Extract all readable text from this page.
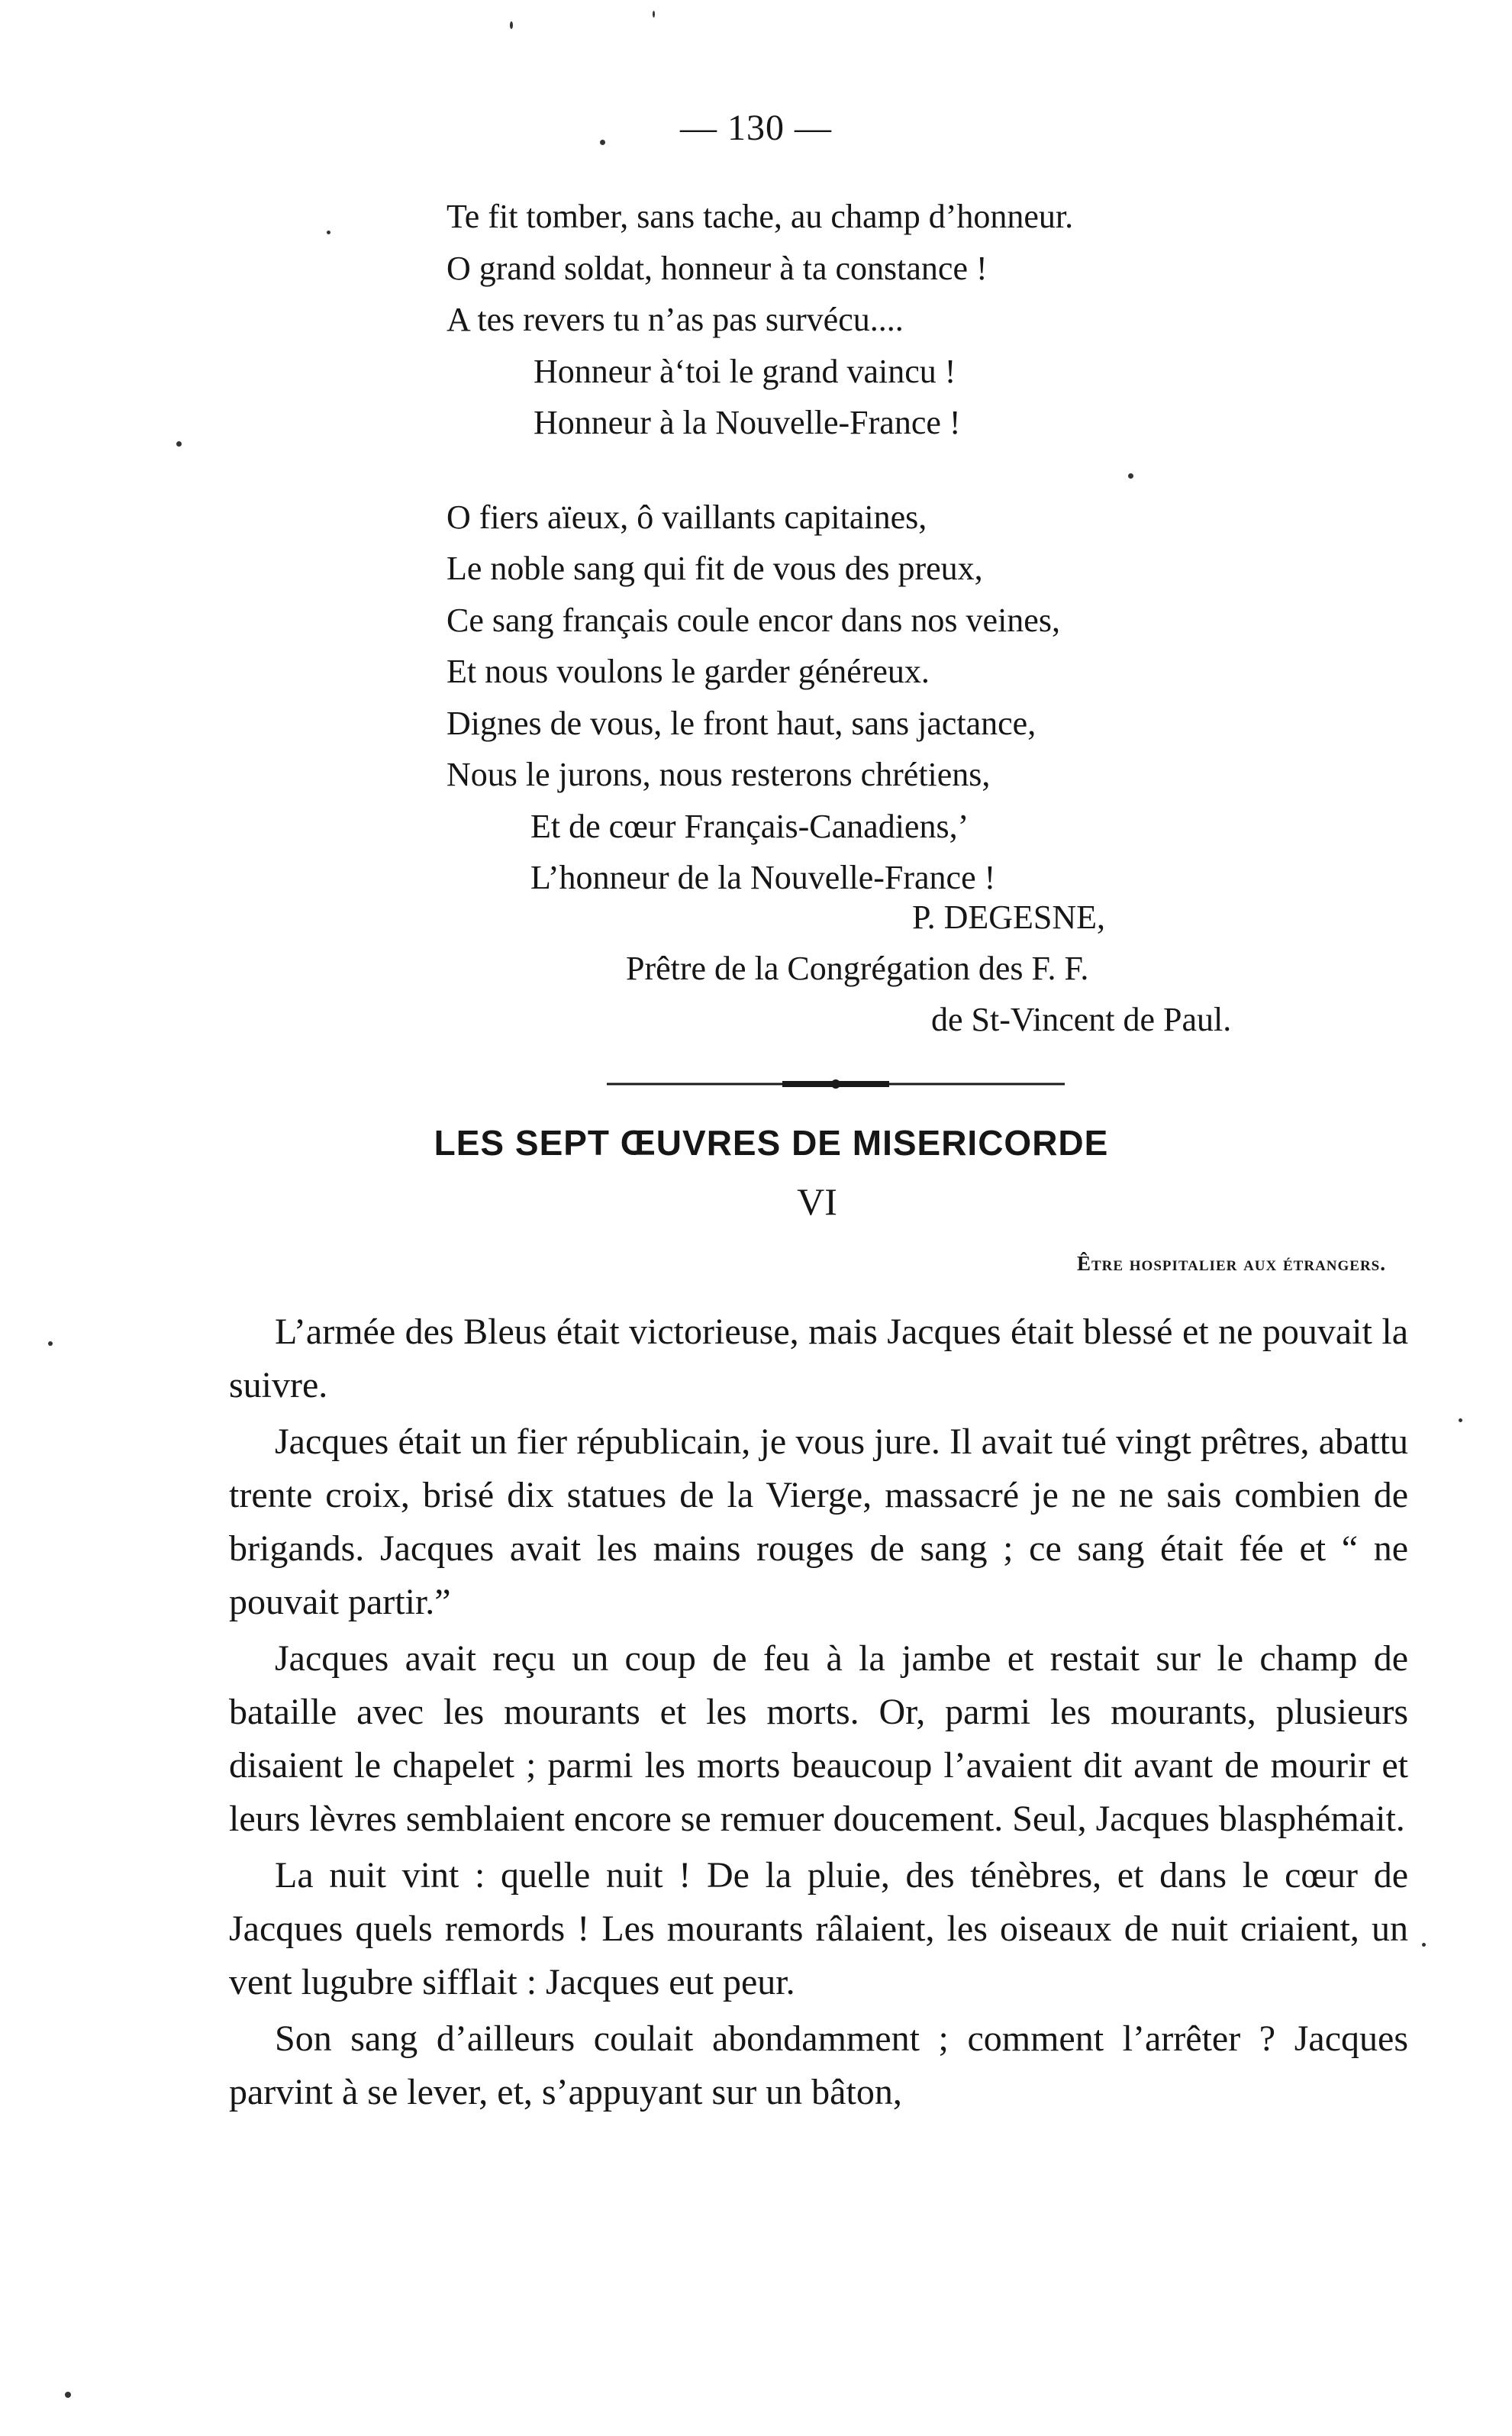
— 130 —
Te fit tomber, sans tache, au champ d’honneur.
O grand soldat, honneur à ta constance !
A tes revers tu n’as pas survécu....
Honneur à‘toi le grand vaincu !
Honneur à la Nouvelle-France !
O fiers aïeux, ô vaillants capitaines,
Le noble sang qui fit de vous des preux,
Ce sang français coule encor dans nos veines,
Et nous voulons le garder généreux.
Dignes de vous, le front haut, sans jactance,
Nous le jurons, nous resterons chrétiens,
Et de cœur Français-Canadiens,’
L’honneur de la Nouvelle-France !
P. DEGESNE,
Prêtre de la Congrégation des F. F.
de St-Vincent de Paul.
LES SEPT ŒUVRES DE MISERICORDE
VI
Être hospitalier aux étrangers.

L’armée des Bleus était victorieuse, mais Jacques était blessé et ne pouvait la suivre.

Jacques était un fier républicain, je vous jure. Il avait tué vingt prêtres, abattu trente croix, brisé dix statues de la Vierge, massacré je ne ne sais combien de brigands. Jacques avait les mains rouges de sang ; ce sang était fée et “ ne pouvait partir.”

Jacques avait reçu un coup de feu à la jambe et restait sur le champ de bataille avec les mourants et les morts. Or, parmi les mourants, plusieurs disaient le chapelet ; parmi les morts beaucoup l’avaient dit avant de mourir et leurs lèvres semblaient encore se remuer doucement. Seul, Jacques blasphémait.

La nuit vint : quelle nuit ! De la pluie, des ténèbres, et dans le cœur de Jacques quels remords ! Les mourants râlaient, les oiseaux de nuit criaient, un vent lugubre sifflait : Jacques eut peur.

Son sang d’ailleurs coulait abondamment ; comment l’arrêter ? Jacques parvint à se lever, et, s’appuyant sur un bâton,
